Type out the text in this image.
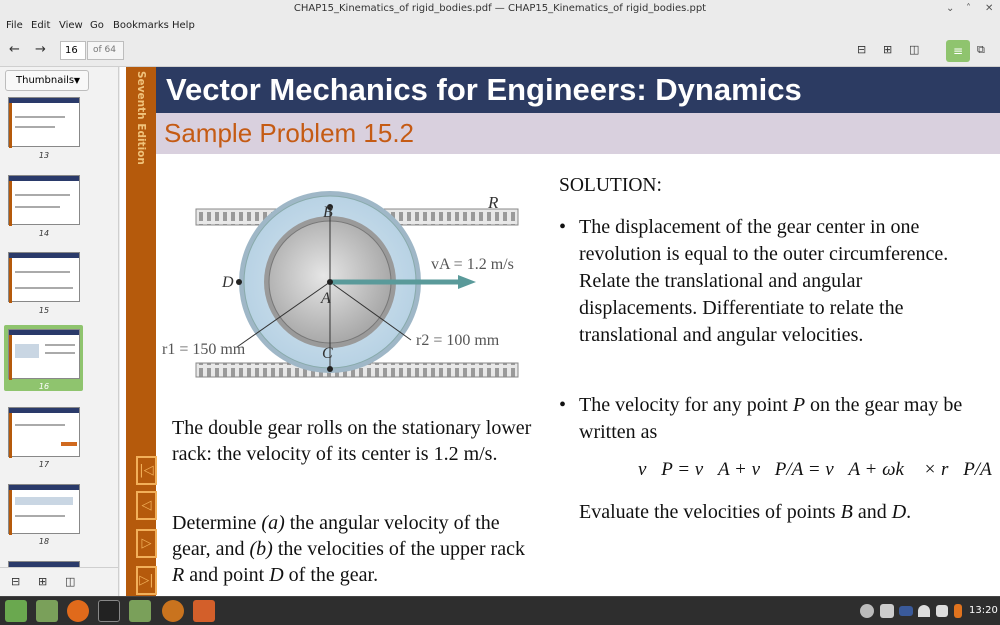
CHAP15_Kinematics_of rigid_bodies.pdf — CHAP15_Kinematics_of rigid_bodies.ppt	⌄ ˄ ✕
File Edit View Go Bookmarks Help
← →	⊟ ⊞ ◫	≡	⧉
16	of 64
Thumbnails ▼
13
14
15
16
17
18
⊟ ⊞ ◫
Seventh Edition
|◁
◁
▷
▷|
Vector Mechanics for Engineers: Dynamics
Sample Problem 15.2
R
B
D
A
C
vA = 1.2 m/s
r1 = 150 mm
r2 = 100 mm
The double gear rolls on the stationary lower rack: the velocity of its center is 1.2 m/s.
Determine (a) the angular velocity of the gear, and (b) the velocities of the upper rack R and point D of the gear.
SOLUTION:
• The displacement of the gear center in one revolution is equal to the outer circumference. Relate the translational and angular displacements. Differentiate to relate the translational and angular velocities.
• The velocity for any point P on the gear may be written as
v⃗P = v⃗A + v⃗P/A = v⃗A + ωk⃗ × r⃗P/A
Evaluate the velocities of points B and D.
13:20
